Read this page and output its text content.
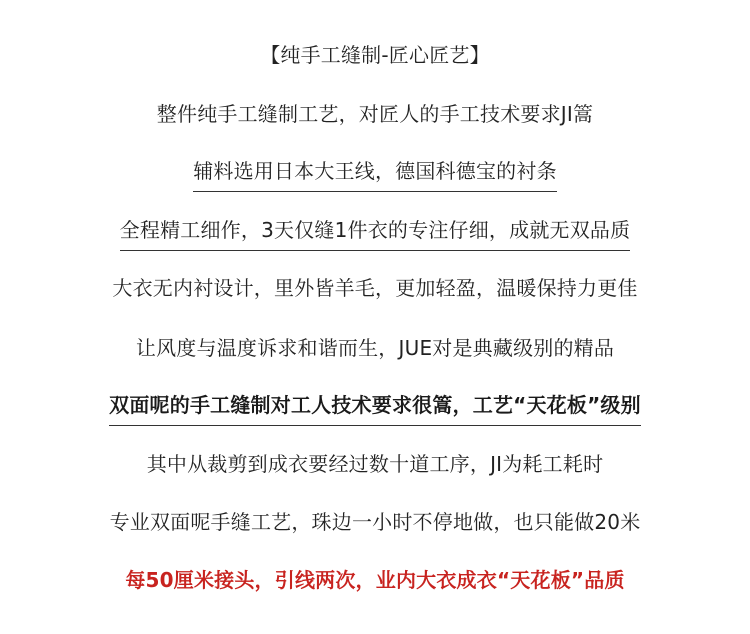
【纯手工缝制-匠心匠艺】
整件纯手工缝制工艺，对匠人的手工技术要求JI篙
辅料选用日本大王线，德国科德宝的衬条
全程精工细作，3天仅缝1件衣的专注仔细，成就无双品质
大衣无内衬设计，里外皆羊毛，更加轻盈，温暖保持力更佳
让风度与温度诉求和谐而生，JUE对是典藏级别的精品
双面呢的手工缝制对工人技术要求很篙，工艺“天花板”级别
其中从裁剪到成衣要经过数十道工序，JI为耗工耗时
专业双面呢手缝工艺，珠边一小时不停地做，也只能做20米
每50厘米接头，引线两次，业内大衣成衣“天花板”品质
